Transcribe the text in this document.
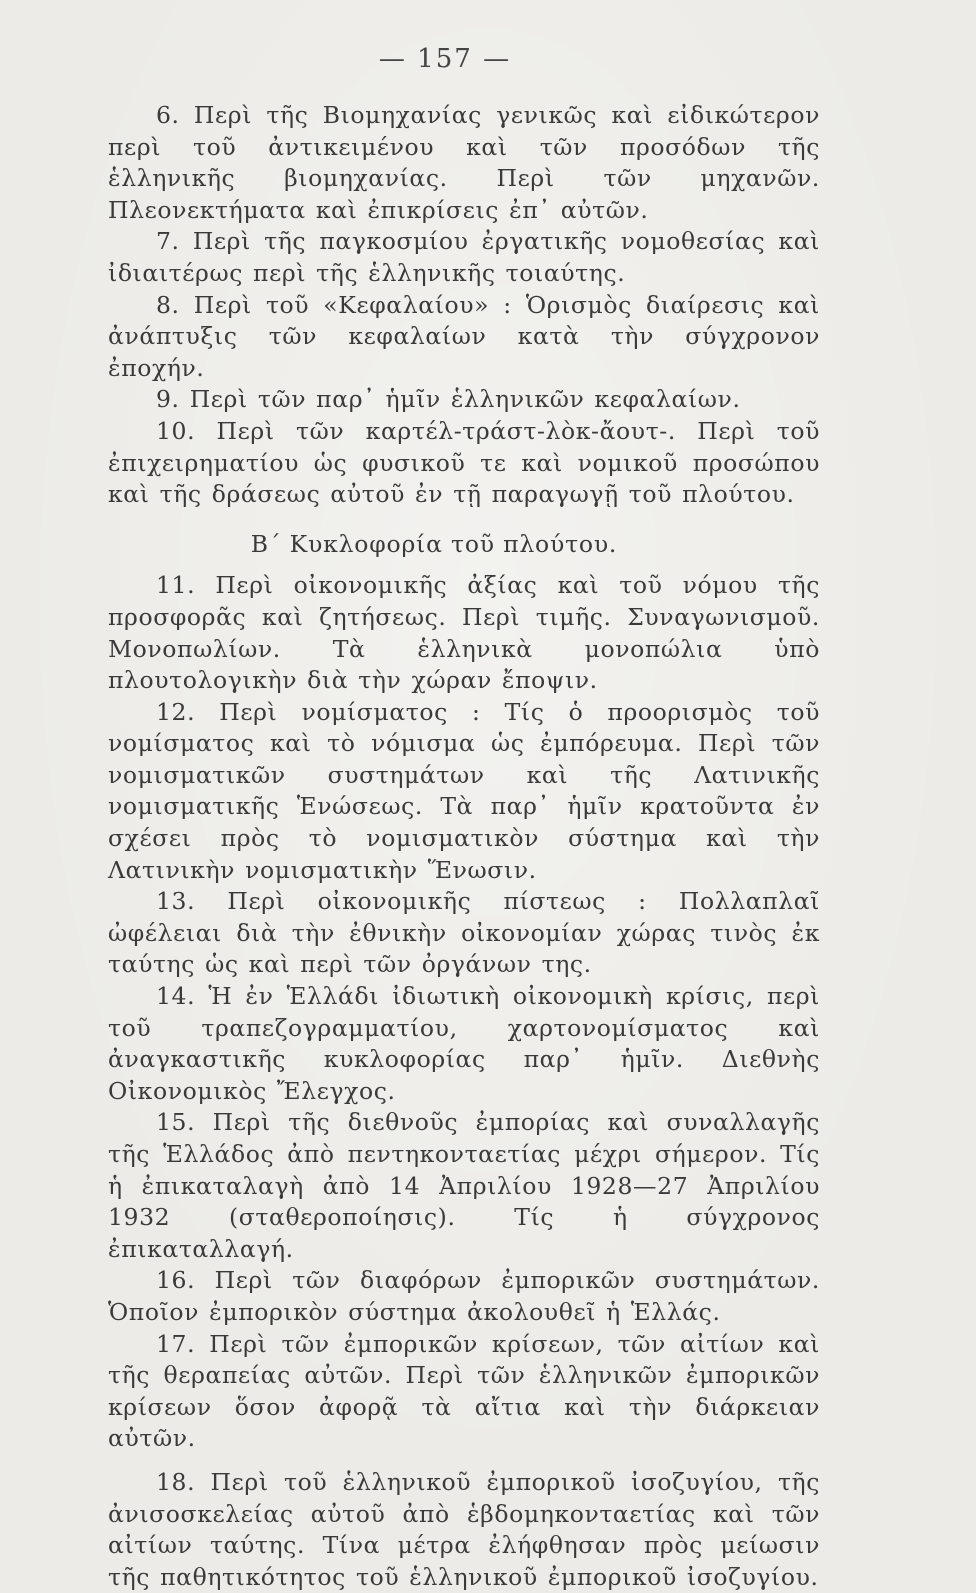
— 157 —

6. Περὶ τῆς Βιομηχανίας γενικῶς καὶ εἰδικώτερον περὶ τοῦ ἀντικειμένου καὶ τῶν προσόδων τῆς ἑλληνικῆς βιομηχανίας. Περὶ τῶν μηχανῶν. Πλεονεκτήματα καὶ ἐπικρίσεις ἐπ᾽ αὐτῶν.

7. Περὶ τῆς παγκοσμίου ἐργατικῆς νομοθεσίας καὶ ἰδιαιτέρως περὶ τῆς ἑλληνικῆς τοιαύτης.

8. Περὶ τοῦ «Κεφαλαίου» : Ὁρισμὸς διαίρεσις καὶ ἀνάπτυξις τῶν κεφαλαίων κατὰ τὴν σύγχρονον ἐποχήν.

9. Περὶ τῶν παρ᾽ ἡμῖν ἑλληνικῶν κεφαλαίων.

10. Περὶ τῶν καρτέλ-τράστ-λὸκ-ἄουτ-. Περὶ τοῦ ἐπιχειρηματίου ὡς φυσικοῦ τε καὶ νομικοῦ προσώπου καὶ τῆς δράσεως αὐτοῦ ἐν τῇ παραγωγῇ τοῦ πλούτου.

Β΄ Κυκλοφορία τοῦ πλούτου.

11. Περὶ οἰκονομικῆς ἀξίας καὶ τοῦ νόμου τῆς προσφορᾶς καὶ ζητήσεως. Περὶ τιμῆς. Συναγωνισμοῦ. Μονοπωλίων. Τὰ ἑλληνικὰ μονοπώλια ὑπὸ πλουτολογικὴν διὰ τὴν χώραν ἔποψιν.

12. Περὶ νομίσματος : Τίς ὁ προορισμὸς τοῦ νομίσματος καὶ τὸ νόμισμα ὡς ἐμπόρευμα. Περὶ τῶν νομισματικῶν συστημάτων καὶ τῆς Λατινικῆς νομισματικῆς Ἑνώσεως. Τὰ παρ᾽ ἡμῖν κρατοῦντα ἐν σχέσει πρὸς τὸ νομισματικὸν σύστημα καὶ τὴν Λατινικὴν νομισματικὴν Ἕνωσιν.

13. Περὶ οἰκονομικῆς πίστεως : Πολλαπλαῖ ὠφέλειαι διὰ τὴν ἐθνικὴν οἰκονομίαν χώρας τινὸς ἐκ ταύτης ὡς καὶ περὶ τῶν ὀργάνων της.

14. Ἡ ἐν Ἑλλάδι ἰδιωτικὴ οἰκονομικὴ κρίσις, περὶ τοῦ τραπεζογραμματίου, χαρτονομίσματος καὶ ἀναγκαστικῆς κυκλοφορίας παρ᾽ ἡμῖν. Διεθνὴς Οἰκονομικὸς Ἔλεγχος.

15. Περὶ τῆς διεθνοῦς ἐμπορίας καὶ συναλλαγῆς τῆς Ἑλλάδος ἀπὸ πεντηκονταετίας μέχρι σήμερον. Τίς ἡ ἐπικαταλαγὴ ἀπὸ 14 Ἀπριλίου 1928—27 Ἀπριλίου 1932 (σταθεροποίησις). Τίς ἡ σύγχρονος ἐπικαταλλαγή.

16. Περὶ τῶν διαφόρων ἐμπορικῶν συστημάτων. Ὁποῖον ἐμπορικὸν σύστημα ἀκολουθεῖ ἡ Ἑλλάς.

17. Περὶ τῶν ἐμπορικῶν κρίσεων, τῶν αἰτίων καὶ τῆς θεραπείας αὐτῶν. Περὶ τῶν ἑλληνικῶν ἐμπορικῶν κρίσεων ὅσον ἀφορᾷ τὰ αἴτια καὶ τὴν διάρκειαν αὐτῶν.

18. Περὶ τοῦ ἑλληνικοῦ ἐμπορικοῦ ἰσοζυγίου, τῆς ἀνισοσκελείας αὐτοῦ ἀπὸ ἑβδομηκονταετίας καὶ τῶν αἰτίων ταύτης. Τίνα μέτρα ἐλήφθησαν πρὸς μείωσιν τῆς παθητικότητος τοῦ ἑλληνικοῦ ἐμπορικοῦ ἰσοζυγίου.
